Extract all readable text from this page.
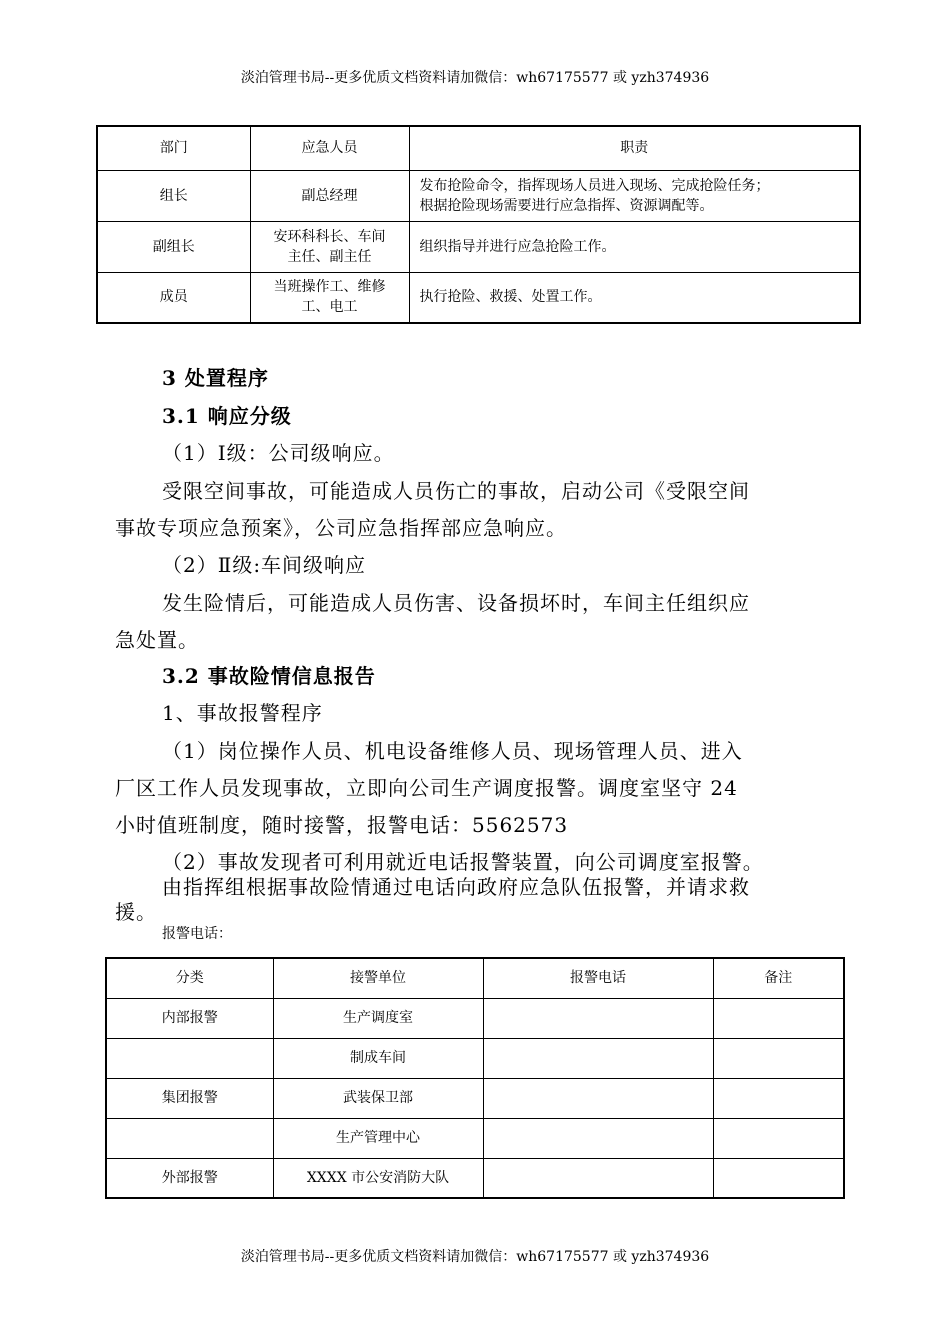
淡泊管理书局--更多优质文档资料请加微信：wh67175577 或 yzh374936
部门	应急人员	职责
组长	副总经理	发布抢险命令，指挥现场人员进入现场、完成抢险任务；
根据抢险现场需要进行应急指挥、资源调配等。
副组长	安环科科长、车间
主任、副主任	组织指导并进行应急抢险工作。
成员	当班操作工、维修
工、电工	执行抢险、救援、处置工作。
3 处置程序
3.1 响应分级
（1）Ⅰ级：公司级响应。
受限空间事故，可能造成人员伤亡的事故，启动公司《受限空间
事故专项应急预案》，公司应急指挥部应急响应。
（2）Ⅱ级:车间级响应
发生险情后，可能造成人员伤害、设备损坏时，车间主任组织应
急处置。
3.2 事故险情信息报告
1、事故报警程序
（1）岗位操作人员、机电设备维修人员、现场管理人员、进入
厂区工作人员发现事故，立即向公司生产调度报警。调度室坚守 24
小时值班制度，随时接警，报警电话：5562573
（2）事故发现者可利用就近电话报警装置，向公司调度室报警。
由指挥组根据事故险情通过电话向政府应急队伍报警，并请求救
援。
报警电话：
分类	接警单位	报警电话	备注
内部报警	生产调度室		
	制成车间		
集团报警	武装保卫部		
	生产管理中心		
外部报警	XXXX 市公安消防大队		
淡泊管理书局--更多优质文档资料请加微信：wh67175577 或 yzh374936
